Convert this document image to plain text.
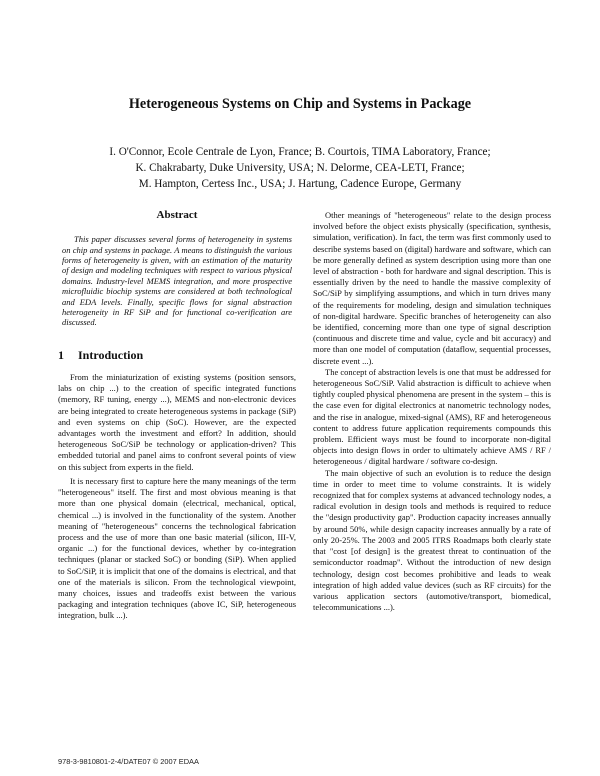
Heterogeneous Systems on Chip and Systems in Package
I. O'Connor, Ecole Centrale de Lyon, France; B. Courtois, TIMA Laboratory, France;
K. Chakrabarty, Duke University, USA; N. Delorme, CEA-LETI, France;
M. Hampton, Certess Inc., USA; J. Hartung, Cadence Europe, Germany
Abstract

This paper discusses several forms of heterogeneity in systems on chip and systems in package. A means to distinguish the various forms of heterogeneity is given, with an estimation of the maturity of design and modeling techniques with respect to various physical domains. Industry-level MEMS integration, and more prospective microfluidic biochip systems are considered at both technological and EDA levels. Finally, specific flows for signal abstraction heterogeneity in RF SiP and for functional co-verification are discussed.

1 Introduction

From the miniaturization of existing systems (position sensors, labs on chip ...) to the creation of specific integrated functions (memory, RF tuning, energy ...), MEMS and non-electronic devices are being integrated to create heterogeneous systems in package (SiP) and even systems on chip (SoC). However, are the expected advantages worth the investment and effort? In addition, should heterogeneous SoC/SiP be technology or application-driven? This embedded tutorial and panel aims to confront several points of view on this subject from experts in the field.

It is necessary first to capture here the many meanings of the term "heterogeneous" itself. The first and most obvious meaning is that more than one physical domain (electrical, mechanical, optical, chemical ...) is involved in the functionality of the system. Another meaning of "heterogeneous" concerns the technological fabrication process and the use of more than one basic material (silicon, III-V, organic ...) for the functional devices, whether by co-integration techniques (planar or stacked SoC) or bonding (SiP). When applied to SoC/SiP, it is implicit that one of the domains is electrical, and that one of the materials is silicon. From the technological viewpoint, many choices, issues and tradeoffs exist between the various packaging and integration techniques (above IC, SiP, heterogeneous integration, bulk ...).

Other meanings of "heterogeneous" relate to the design process involved before the object exists physically (specification, synthesis, simulation, verification). In fact, the term was first commonly used to describe systems based on (digital) hardware and software, which can be more generally defined as system description using more than one level of abstraction - both for hardware and signal description. This is essentially driven by the need to handle the massive complexity of SoC/SiP by simplifying assumptions, and which in turn drives many of the requirements for modeling, design and simulation techniques of non-digital hardware. Specific branches of heterogeneity can also be identified, concerning more than one type of signal description (continuous and discrete time and value, cycle and bit accuracy) and more than one model of computation (dataflow, sequential processes, discrete event ...).

The concept of abstraction levels is one that must be addressed for heterogeneous SoC/SiP. Valid abstraction is difficult to achieve when tightly coupled physical phenomena are present in the system – this is the case even for digital electronics at nanometric technology nodes, and the rise in analogue, mixed-signal (AMS), RF and heterogeneous content to address future application requirements compounds this problem. Efficient ways must be found to incorporate non-digital objects into design flows in order to ultimately achieve AMS / RF / heterogeneous / digital hardware / software co-design.

The main objective of such an evolution is to reduce the design time in order to meet time to volume constraints. It is widely recognized that for complex systems at advanced technology nodes, a radical evolution in design tools and methods is required to reduce the "design productivity gap". Production capacity increases annually by around 50%, while design capacity increases annually by a rate of only 20-25%. The 2003 and 2005 ITRS Roadmaps both clearly state that "cost [of design] is the greatest threat to continuation of the semiconductor roadmap". Without the introduction of new design technology, design cost becomes prohibitive and leads to weak integration of high added value devices (such as RF circuits) for the various application sectors (automotive/transport, biomedical, telecommunications ...).

978-3-9810801-2-4/DATE07 © 2007 EDAA
